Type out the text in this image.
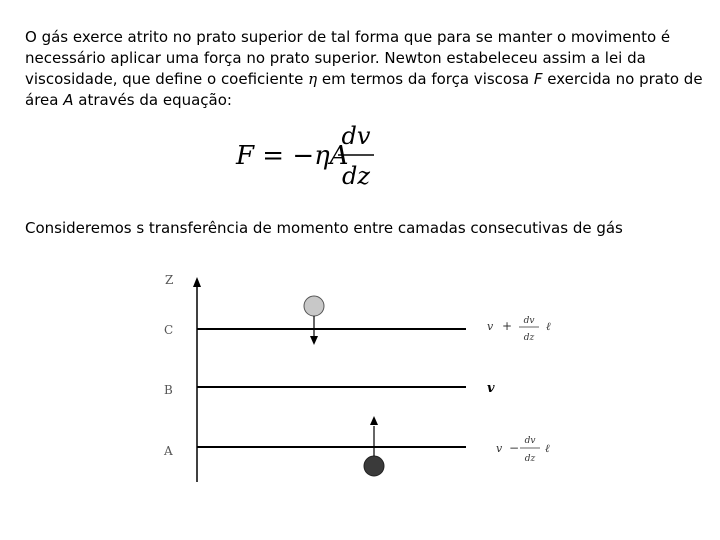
O gás exerce atrito no prato superior de tal forma que para se manter o movimento é necessário aplicar uma força no prato superior. Newton estabeleceu assim a lei da viscosidade, que define o coeficiente η em termos da força viscosa F exercida no prato de área A através da equação:

F = −ηA
dv
dz

Consideremos s transferência de momento entre camadas consecutivas de gás

Z
C
B
A
v + dv
dz
ℓ
v
v − dv
dz
ℓ
